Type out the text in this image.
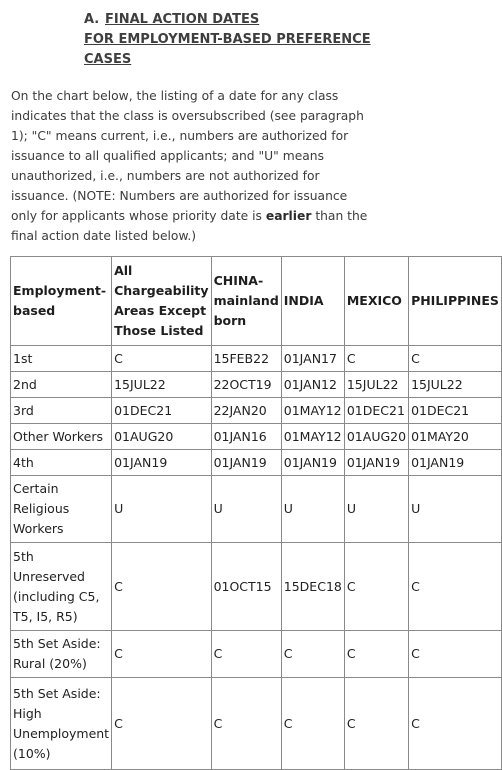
A. FINAL ACTION DATES
FOR EMPLOYMENT-BASED PREFERENCE
CASES
On the chart below, the listing of a date for any class
indicates that the class is oversubscribed (see paragraph
1); "C" means current, i.e., numbers are authorized for
issuance to all qualified applicants; and "U" means
unauthorized, i.e., numbers are not authorized for
issuance. (NOTE: Numbers are authorized for issuance
only for applicants whose priority date is earlier than the
final action date listed below.)
Employment-
based	All
Chargeability
Areas Except
Those Listed	CHINA-
mainland
born	INDIA	MEXICO	PHILIPPINES
1st	C	15FEB22	01JAN17	C	C
2nd	15JUL22	22OCT19	01JAN12	15JUL22	15JUL22
3rd	01DEC21	22JAN20	01MAY12	01DEC21	01DEC21
Other Workers	01AUG20	01JAN16	01MAY12	01AUG20	01MAY20
4th	01JAN19	01JAN19	01JAN19	01JAN19	01JAN19
Certain
Religious
Workers	U	U	U	U	U
5th
Unreserved
(including C5,
T5, I5, R5)	C	01OCT15	15DEC18	C	C
5th Set Aside:
Rural (20%)	C	C	C	C	C
5th Set Aside:
High
Unemployment
(10%)	C	C	C	C	C
